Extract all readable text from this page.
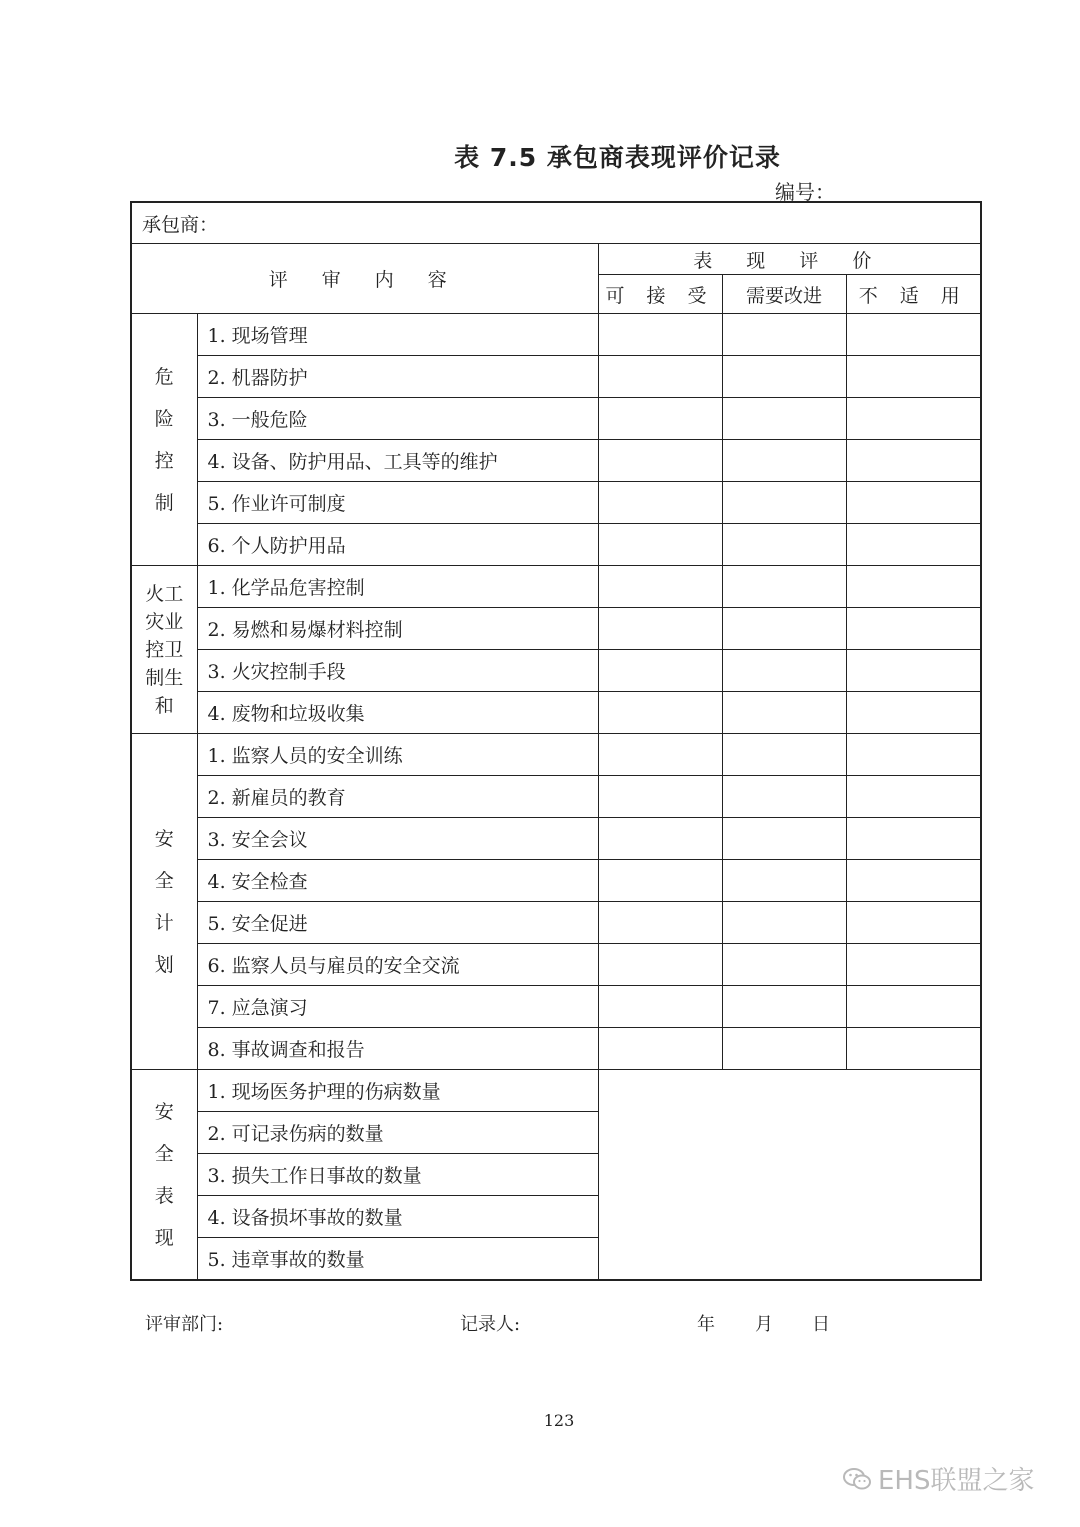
表 7.5 承包商表现评价记录
编号：
承包商：				
评 审 内 容		表 现 评 价		
		可 接 受	需要改进	不 适 用

危
险
控
制	1. 现场管理			
	2. 机器防护			
	3. 一般危险			
	4. 设备、防护用品、工具等的维护			
	5. 作业许可制度			
	6. 个人防护用品			

火工
灾业
控卫
制生
和	1. 化学品危害控制			
	2. 易燃和易爆材料控制			
	3. 火灾控制手段			
	4. 废物和垃圾收集			

安
全
计
划	1. 监察人员的安全训练			
	2. 新雇员的教育			
	3. 安全会议			
	4. 安全检查			
	5. 安全促进			
	6. 监察人员与雇员的安全交流			
	7. 应急演习			
	8. 事故调查和报告			

安
全
表
现	1. 现场医务护理的伤病数量			
	2. 可记录伤病的数量			
	3. 损失工作日事故的数量			
	4. 设备损坏事故的数量			
	5. 违章事故的数量			
评审部门:	记录人:	年 月 日
123
EHS联盟之家
